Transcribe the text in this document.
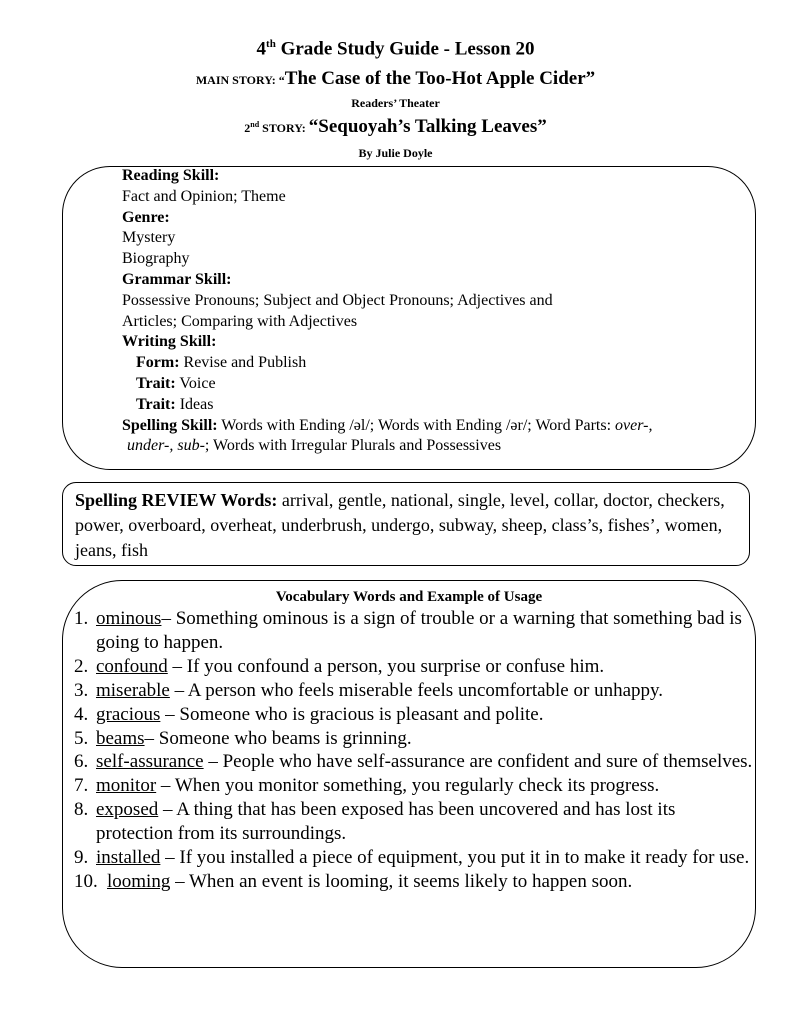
4th Grade Study Guide - Lesson 20
MAIN STORY: “The Case of the Too-Hot Apple Cider”
Readers’ Theater
2nd STORY: “Sequoyah’s Talking Leaves”
By Julie Doyle
Reading Skill:
Fact and Opinion; Theme
Genre:
Mystery
Biography
Grammar Skill:
Possessive Pronouns; Subject and Object Pronouns; Adjectives and
Articles; Comparing with Adjectives
Writing Skill:
Form: Revise and Publish
Trait: Voice
Trait: Ideas
Spelling Skill: Words with Ending /əl/; Words with Ending /ər/; Word Parts: over-,
under-, sub-; Words with Irregular Plurals and Possessives
Spelling REVIEW Words: arrival, gentle, national, single, level, collar, doctor, checkers, power, overboard, overheat, underbrush, undergo, subway, sheep, class’s, fishes’, women, jeans, fish
Vocabulary Words and Example of Usage
1. ominous– Something ominous is a sign of trouble or a warning that something bad is going to happen.
2. confound – If you confound a person, you surprise or confuse him.
3. miserable – A person who feels miserable feels uncomfortable or unhappy.
4. gracious – Someone who is gracious is pleasant and polite.
5. beams– Someone who beams is grinning.
6. self-assurance – People who have self-assurance are confident and sure of themselves.
7. monitor – When you monitor something, you regularly check its progress.
8. exposed – A thing that has been exposed has been uncovered and has lost its protection from its surroundings.
9. installed – If you installed a piece of equipment, you put it in to make it ready for use.
10. looming – When an event is looming, it seems likely to happen soon.
